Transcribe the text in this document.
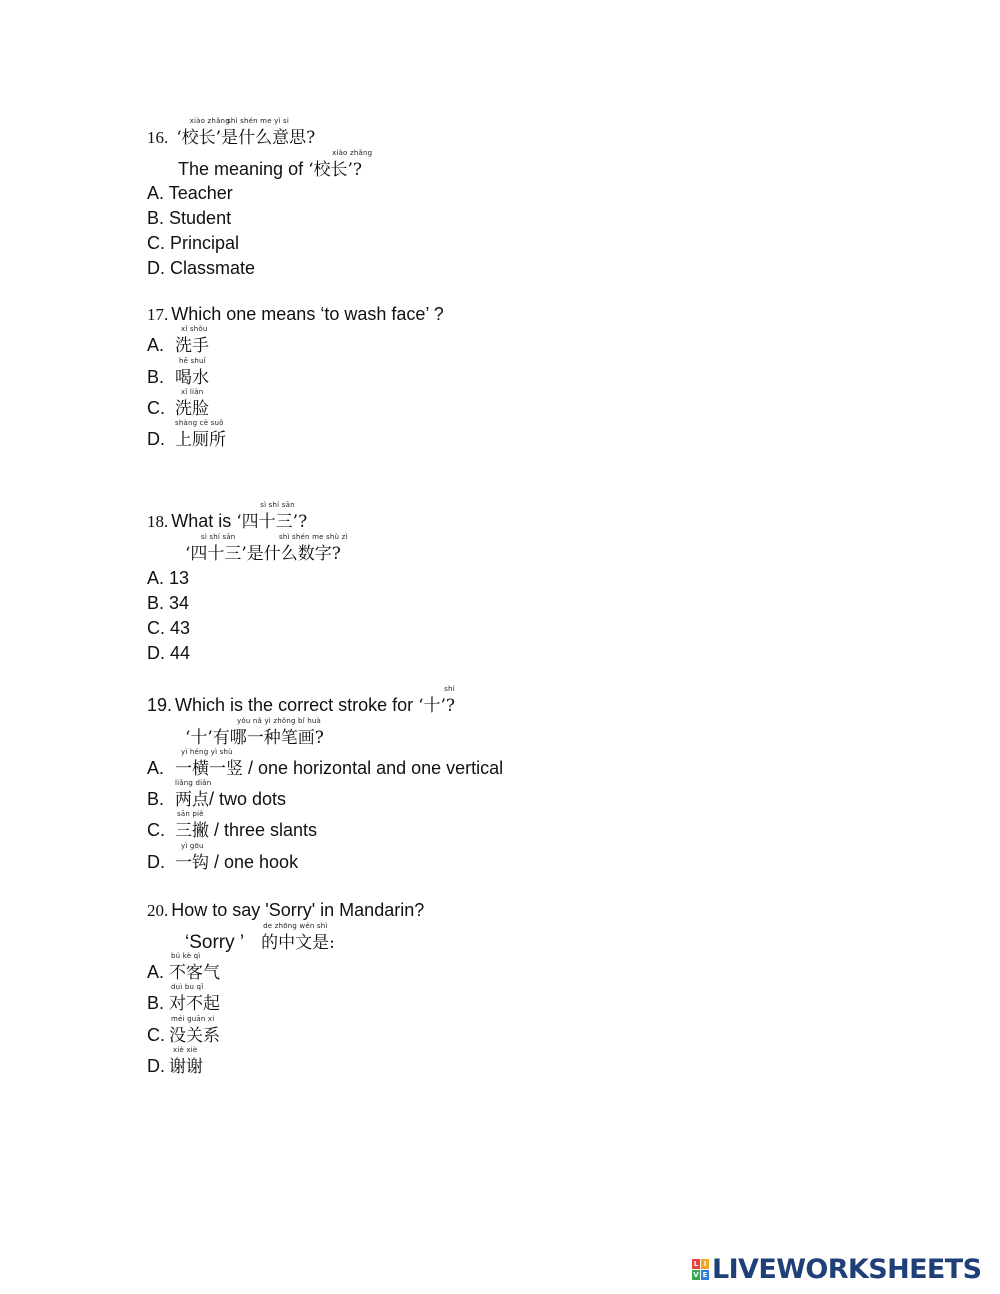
16. ‘
xiào zhǎng
校长’
shì shén me yì si
是什么意思?
The meaning of
xiào zhǎng
‘校长’?
A. Teacher
B. Student
C. Principal
D. Classmate
17. Which one means ‘to wash face’ ?
A.
xǐ shǒu
洗手
B.
hē shuǐ
喝水
C.
xǐ liǎn
洗脸
D.
shàng cè suǒ
上厕所
18. What is
sì shí sān
‘四十三’?
sì shí sān	shì shén me shù zì
‘四十三’是什么数字?
A. 13
B. 34
C. 43
D. 44
19. Which is the correct stroke for
shí
‘十’?
yǒu nǎ yì zhǒng bǐ huà
‘十’有哪一种笔画?
A.
yì héng yì shù
一横一竖 / one horizontal and one vertical
B.
liǎng diǎn
两点/ two dots
C.
sān piě
三撇 / three slants
D.
yì gōu
一钩 / one hook
20. How to say 'Sorry' in Mandarin?
‘Sorry ’
de zhōng wén shì
的中文是:
A.
bú kè qì
不客气
B.
duì bu qǐ
对不起
C.
méi guān xi
没关系
D.
xiè xiè
谢谢
L I
V E LIVEWORKSHEETS
